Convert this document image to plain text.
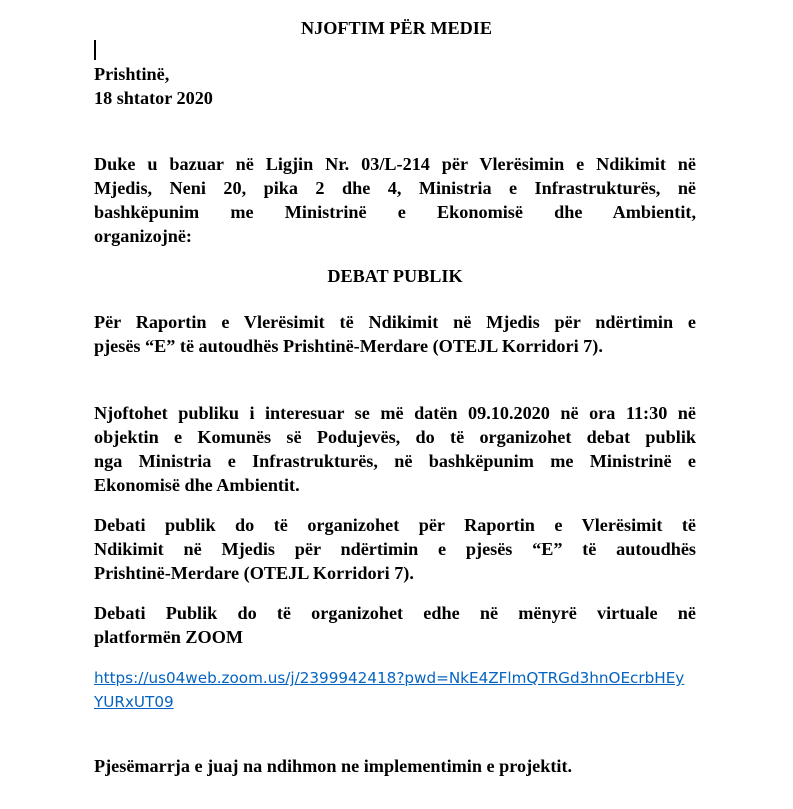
NJOFTIM PËR MEDIE
Prishtinë,
18 shtator 2020
Duke u bazuar në Ligjin Nr. 03/L-214 për Vlerësimin e Ndikimit në
Mjedis, Neni 20, pika 2 dhe 4, Ministria e Infrastrukturës, në
bashkëpunim me Ministrinë e Ekonomisë dhe Ambientit,
organizojnë:
DEBAT PUBLIK
Për Raportin e Vlerësimit të Ndikimit në Mjedis për ndërtimin e
pjesës “E” të autoudhës Prishtinë-Merdare (OTEJL Korridori 7).
Njoftohet publiku i interesuar se më datën 09.10.2020 në ora 11:30 në
objektin e Komunës së Podujevës, do të organizohet debat publik
nga Ministria e Infrastrukturës, në bashkëpunim me Ministrinë e
Ekonomisë dhe Ambientit.
Debati publik do të organizohet për Raportin e Vlerësimit të
Ndikimit në Mjedis për ndërtimin e pjesës “E” të autoudhës
Prishtinë-Merdare (OTEJL Korridori 7).
Debati Publik do të organizohet edhe në mënyrë virtuale në
platformën ZOOM
https://us04web.zoom.us/j/2399942418?pwd=NkE4ZFlmQTRGd3hnOEcrbHEy
YURxUT09
Pjesëmarrja e juaj na ndihmon ne implementimin e projektit.
